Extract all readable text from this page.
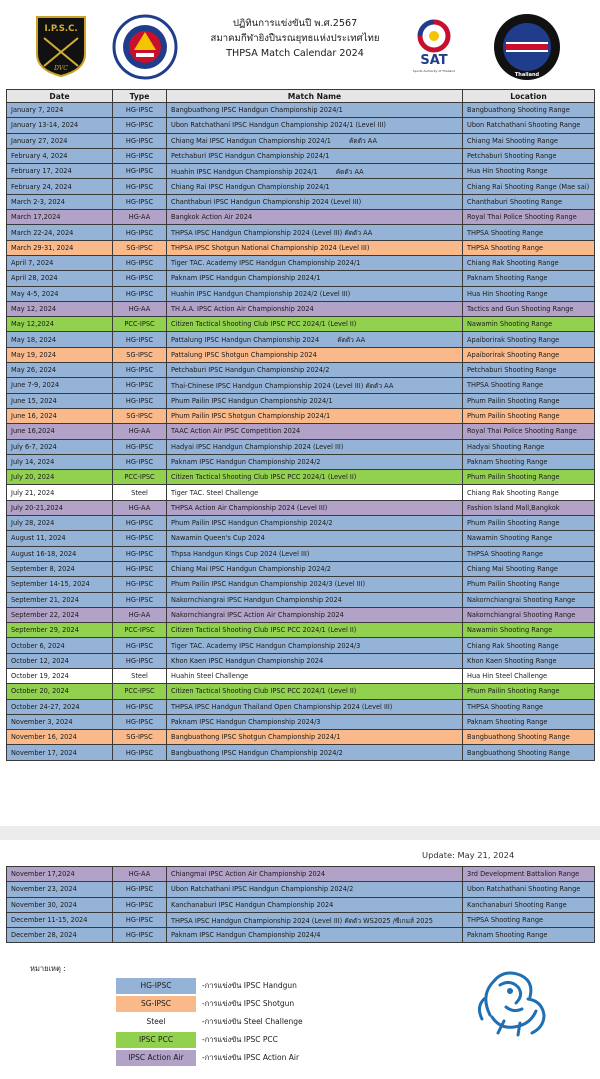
I.P.S.C.
DVC
ปฏิทินการแข่งขันปี พ.ศ.2567
สมาคมกีฬายิงปืนรณยุทธแห่งประเทศไทย
THPSA Match Calendar 2024	SAT
Sports Authority of Thailand
Thailand
Date	Type	Match Name	Location
January 7, 2024	HG-IPSC	Bangbuathong IPSC Handgun Championship 2024/1	Bangbuathong Shooting Range
January 13-14, 2024	HG-IPSC	Ubon Ratchathani IPSC Handgun Championship 2024/1 (Level III)	Ubon Ratchathani Shooting Range
January 27, 2024	HG-IPSC	Chiang Mai IPSC Handgun Championship 2024/1 คัดตัว AA	Chiang Mai Shooting Range
February 4, 2024	HG-IPSC	Petchaburi IPSC Handgun Championship 2024/1	Petchaburi Shooting Range
February 17, 2024	HG-IPSC	Huahin IPSC Handgun Championship 2024/1 คัดตัว AA	Hua Hin Shooting Range
February 24, 2024	HG-IPSC	Chiang Rai IPSC Handgun Championship 2024/1	Chiang Rai Shooting Range (Mae sai)
March 2-3, 2024	HG-IPSC	Chanthaburi IPSC Handgun Championship 2024 (Level III)	Chanthaburi Shooting Range
March 17,2024	HG-AA	Bangkok Action Air 2024	Royal Thai Police Shooting Range
March 22-24, 2024	HG-IPSC	THPSA IPSC Handgun Championship 2024 (Level III) คัดตัว AA	THPSA Shooting Range
March 29-31, 2024	SG-IPSC	THPSA IPSC Shotgun National Championship 2024 (Level III)	THPSA Shooting Range
April 7, 2024	HG-IPSC	Tiger TAC. Academy IPSC Handgun Championship 2024/1	Chiang Rak Shooting Range
April 28, 2024	HG-IPSC	Paknam IPSC Handgun Championship 2024/1	Paknam Shooting Range
May 4-5, 2024	HG-IPSC	Huahin IPSC Handgun Championship 2024/2 (Level III)	Hua Hin Shooting Range
May 12, 2024	HG-AA	TH.A.A. IPSC Action Air Championship 2024	Tactics and Gun Shooting Range
May 12,2024	PCC-IPSC	Citizen Tactical Shooting Club IPSC PCC 2024/1 (Level II)	Nawamin Shooting Range
May 18, 2024	HG-IPSC	Pattalung IPSC Handgun Championship 2024 คัดตัว AA	Apaiborirak Shooting Range
May 19, 2024	SG-IPSC	Pattalung IPSC Shotgun Championship 2024	Apaiborirak Shooting Range
May 26, 2024	HG-IPSC	Petchaburi IPSC Handgun Championship 2024/2	Petchaburi Shooting Range
June 7-9, 2024	HG-IPSC	Thai-Chinese IPSC Handgun Championship 2024 (Level III) คัดตัว AA	THPSA Shooting Range
June 15, 2024	HG-IPSC	Phum Pailin IPSC Handgun Championship 2024/1	Phum Pailin Shooting Range
June 16, 2024	SG-IPSC	Phum Pailin IPSC Shotgun Championship 2024/1	Phum Pailin Shooting Range
June 16,2024	HG-AA	TAAC Action Air IPSC Competition 2024	Royal Thai Police Shooting Range
July 6-7, 2024	HG-IPSC	Hadyai IPSC Handgun Championship 2024 (Level III)	Hadyai Shooting Range
July 14, 2024	HG-IPSC	Paknam IPSC Handgun Championship 2024/2	Paknam Shooting Range
July 20, 2024	PCC-IPSC	Citizen Tactical Shooting Club IPSC PCC 2024/1 (Level II)	Phum Pailin Shooting Range
July 21, 2024	Steel	Tiger TAC. Steel Challenge	Chiang Rak Shooting Range
July 20-21,2024	HG-AA	THPSA Action Air Championship 2024 (Level III)	Fashion Island Mall,Bangkok
July 28, 2024	HG-IPSC	Phum Pailin IPSC Handgun Championship 2024/2	Phum Pailin Shooting Range
August 11, 2024	HG-IPSC	Nawamin Queen's Cup 2024	Nawamin Shooting Range
August 16-18, 2024	HG-IPSC	Thpsa Handgun Kings Cup 2024 (Level III)	THPSA Shooting Range
September 8, 2024	HG-IPSC	Chiang Mai IPSC Handgun Championship 2024/2	Chiang Mai Shooting Range
September 14-15, 2024	HG-IPSC	Phum Pailin IPSC Handgun Championship 2024/3 (Level III)	Phum Pailin Shooting Range
September 21, 2024	HG-IPSC	Nakornchiangrai IPSC Handgun Championship 2024	Nakornchiangrai Shooting Range
September 22, 2024	HG-AA	Nakornchiangrai IPSC Action Air Championship 2024	Nakornchiangrai Shooting Range
September 29, 2024	PCC-IPSC	Citizen Tactical Shooting Club IPSC PCC 2024/1 (Level II)	Nawamin Shooting Range
October 6, 2024	HG-IPSC	Tiger TAC. Academy IPSC Handgun Championship 2024/3	Chiang Rak Shooting Range
October 12, 2024	HG-IPSC	Khon Kaen IPSC Handgun Championship 2024	Khon Kaen Shooting Range
October 19, 2024	Steel	Huahin Steel Challenge	Hua Hin Steel Challenge
October 20, 2024	PCC-IPSC	Citizen Tactical Shooting Club IPSC PCC 2024/1 (Level II)	Phum Pailin Shooting Range
October 24-27, 2024	HG-IPSC	THPSA IPSC Handgun Thailand Open Championship 2024 (Level III)	THPSA Shooting Range
November 3, 2024	HG-IPSC	Paknam IPSC Handgun Championship 2024/3	Paknam Shooting Range
November 16, 2024	SG-IPSC	Bangbuathong IPSC Shotgun Championship 2024/1	Bangbuathong Shooting Range
November 17, 2024	HG-IPSC	Bangbuathong IPSC Handgun Championship 2024/2	Bangbuathong Shooting Range
Update: May 21, 2024
November 17,2024	HG-AA	Chiangmai IPSC Action Air Championship 2024	3rd Development Battalion Range
November 23, 2024	HG-IPSC	Ubon Ratchathani IPSC Handgun Championship 2024/2	Ubon Ratchathani Shooting Range
November 30, 2024	HG-IPSC	Kanchanaburi IPSC Handgun Championship 2024	Kanchanaburi Shooting Range
December 11-15, 2024	HG-IPSC	THPSA IPSC Handgun Championship 2024 (Level III) คัดตัว WS2025 /ซีเกมส์ 2025	THPSA Shooting Range
December 28, 2024	HG-IPSC	Paknam IPSC Handgun Championship 2024/4	Paknam Shooting Range
หมายเหตุ :
HG-IPSC	-การแข่งขัน IPSC Handgun
SG-IPSC	-การแข่งขัน IPSC Shotgun
Steel	-การแข่งขัน Steel Challenge
IPSC PCC	-การแข่งขัน IPSC PCC
IPSC Action Air	-การแข่งขัน IPSC Action Air
